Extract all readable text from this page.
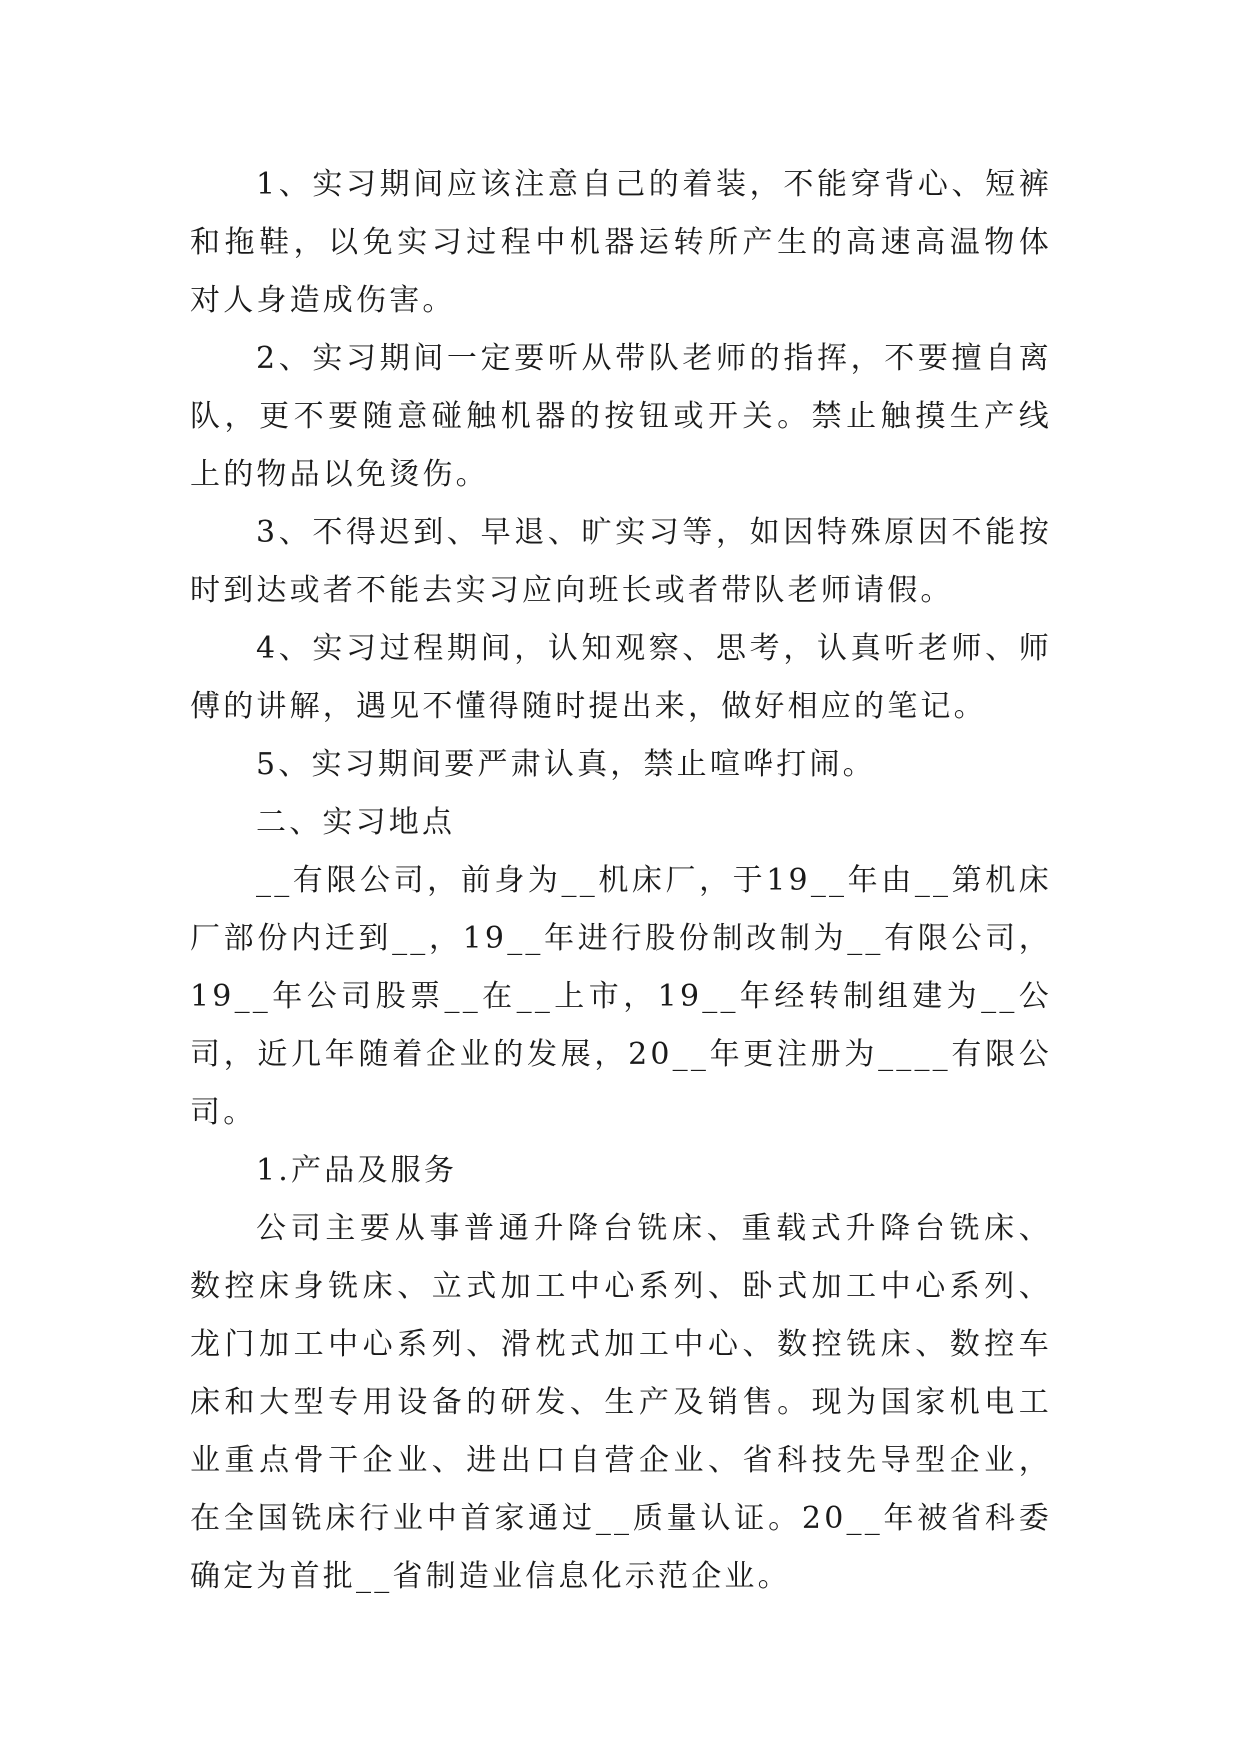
1、实习期间应该注意自己的着装，不能穿背心、短裤和拖鞋，以免实习过程中机器运转所产生的高速高温物体对人身造成伤害。

2、实习期间一定要听从带队老师的指挥，不要擅自离队，更不要随意碰触机器的按钮或开关。禁止触摸生产线上的物品以免烫伤。

3、不得迟到、早退、旷实习等，如因特殊原因不能按时到达或者不能去实习应向班长或者带队老师请假。

4、实习过程期间，认知观察、思考，认真听老师、师傅的讲解，遇见不懂得随时提出来，做好相应的笔记。

5、实习期间要严肃认真，禁止喧哗打闹。

二、实习地点

__有限公司，前身为__机床厂，于19__年由__第机床厂部份内迁到__，19__年进行股份制改制为__有限公司，19__年公司股票__在__上市，19__年经转制组建为__公司，近几年随着企业的发展，20__年更注册为____有限公司。

1.产品及服务

公司主要从事普通升降台铣床、重载式升降台铣床、数控床身铣床、立式加工中心系列、卧式加工中心系列、龙门加工中心系列、滑枕式加工中心、数控铣床、数控车床和大型专用设备的研发、生产及销售。现为国家机电工业重点骨干企业、进出口自营企业、省科技先导型企业，在全国铣床行业中首家通过__质量认证。20__年被省科委确定为首批__省制造业信息化示范企业。
